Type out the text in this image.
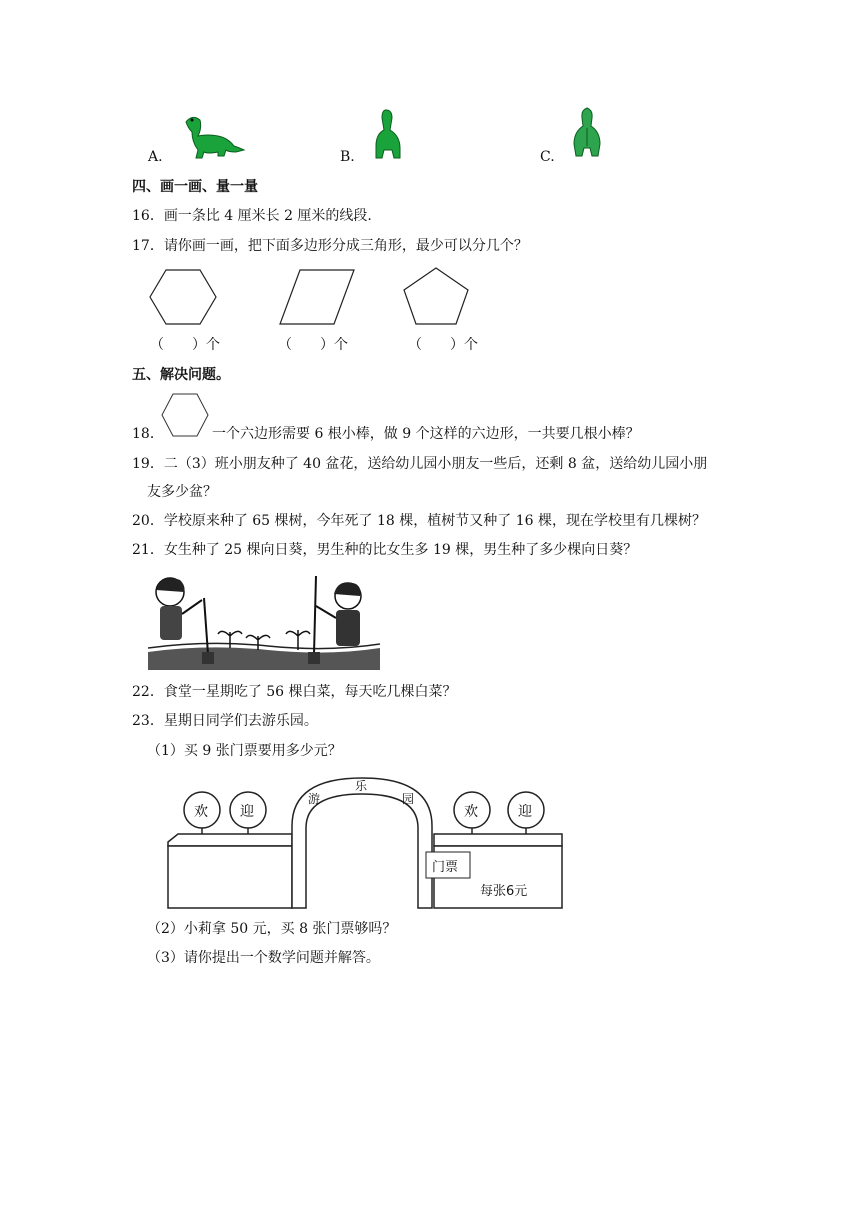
A.	B.	C.
四、画一画、量一量
16．画一条比 4 厘米长 2 厘米的线段.
17．请你画一画，把下面多边形分成三角形，最少可以分几个？
（　　）个	（　　）个	（　　）个
五、解决问题。
18．	一个六边形需要 6 根小棒，做 9 个这样的六边形，一共要几根小棒？
19．二（3）班小朋友种了 40 盆花，送给幼儿园小朋友一些后，还剩 8 盆，送给幼儿园小朋
友多少盆？
20．学校原来种了 65 棵树，今年死了 18 棵，植树节又种了 16 棵，现在学校里有几棵树？
21．女生种了 25 棵向日葵，男生种的比女生多 19 棵，男生种了多少棵向日葵？
22．食堂一星期吃了 56 棵白菜，每天吃几棵白菜？
23．星期日同学们去游乐园。
（1）买 9 张门票要用多少元？
欢 迎	欢	迎
游
乐
园
门票
每张6元
（2）小莉拿 50 元，买 8 张门票够吗？
（3）请你提出一个数学问题并解答。
